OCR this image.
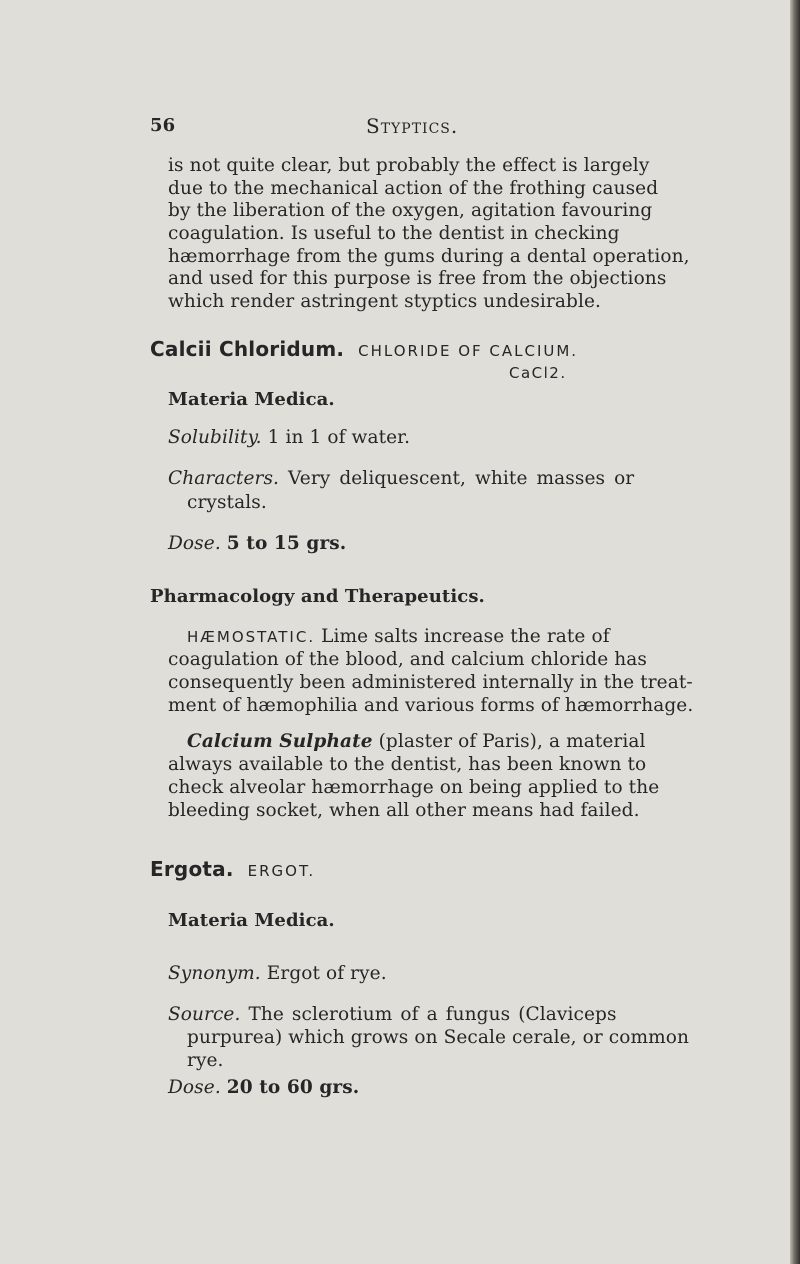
56	Styptics.
is not quite clear, but probably the effect is largely
due to the mechanical action of the frothing caused
by the liberation of the oxygen, agitation favouring
coagulation. Is useful to the dentist in checking
hæmorrhage from the gums during a dental operation,
and used for this purpose is free from the objections
which render astringent styptics undesirable.
Calcii Chloridum. CHLORIDE OF CALCIUM.
CaCl2.
Materia Medica.
Solubility. 1 in 1 of water.
Characters. Very deliquescent, white masses or
crystals.
Dose. 5 to 15 grs.
Pharmacology and Therapeutics.
HÆMOSTATIC. Lime salts increase the rate of
coagulation of the blood, and calcium chloride has
consequently been administered internally in the treat-
ment of hæmophilia and various forms of hæmorrhage.
Calcium Sulphate (plaster of Paris), a material
always available to the dentist, has been known to
check alveolar hæmorrhage on being applied to the
bleeding socket, when all other means had failed.
Ergota. ERGOT.
Materia Medica.
Synonym. Ergot of rye.
Source. The sclerotium of a fungus (Claviceps
purpurea) which grows on Secale cerale, or common
rye.
Dose. 20 to 60 grs.
